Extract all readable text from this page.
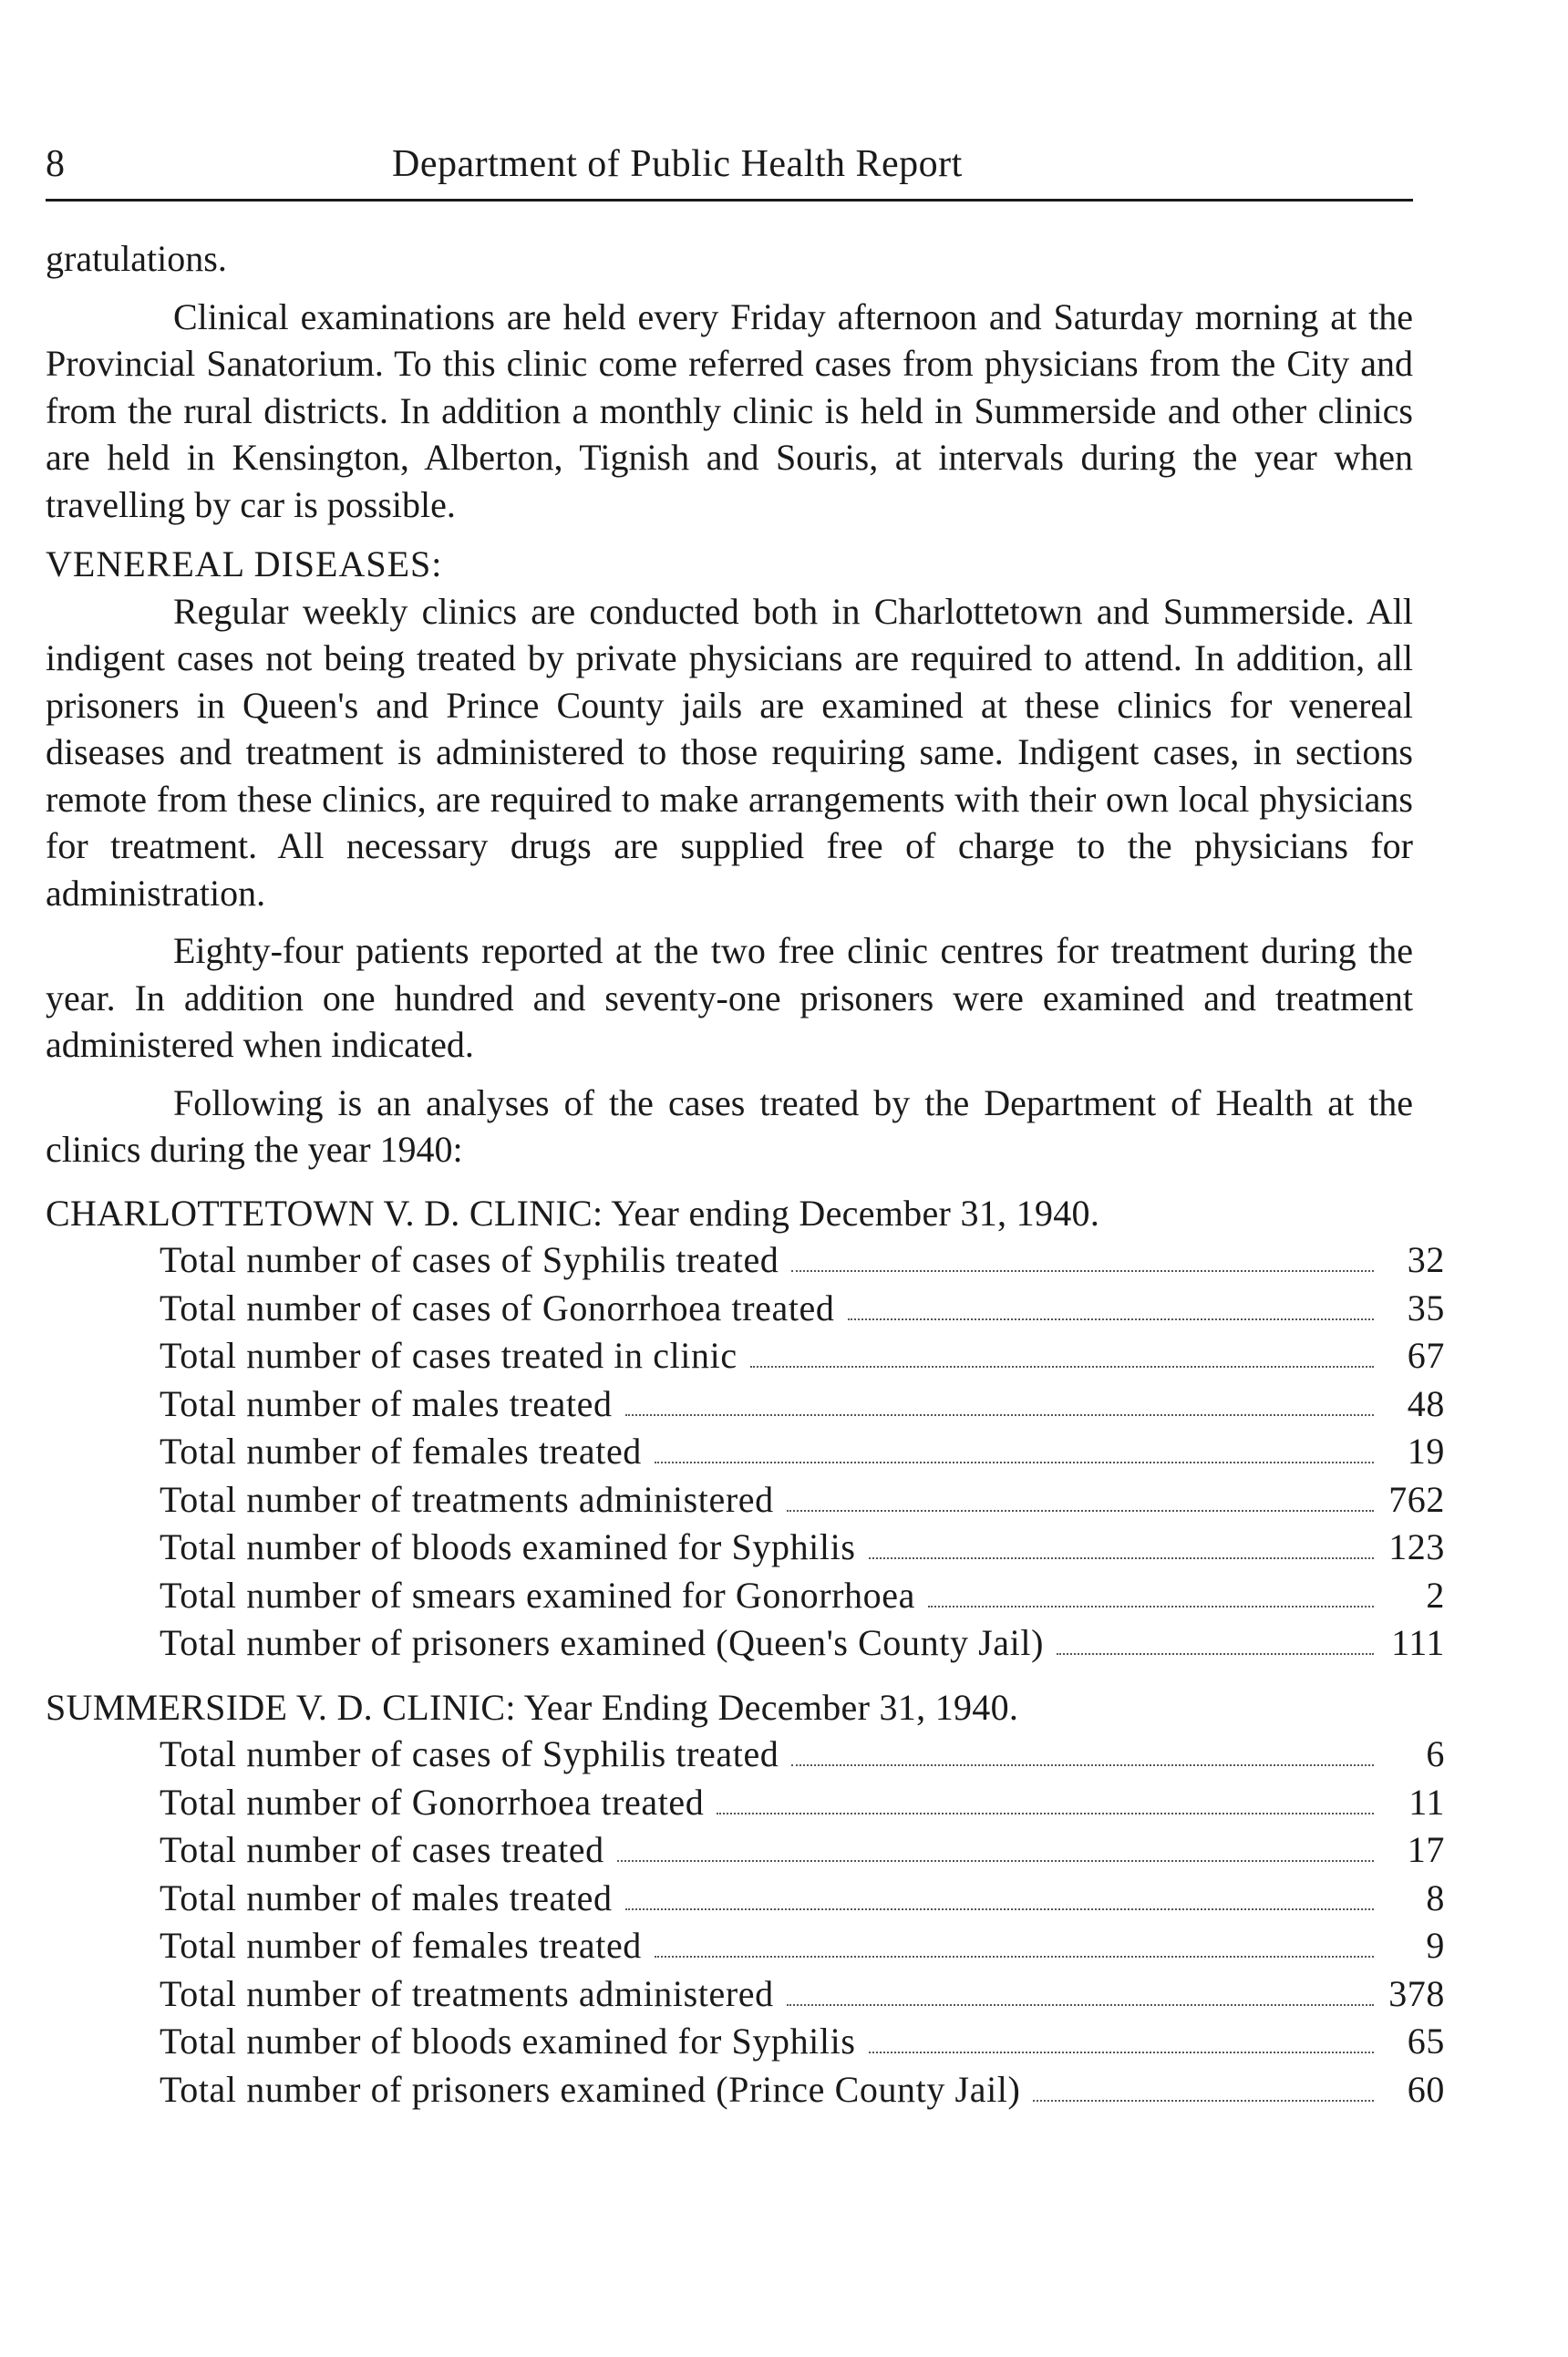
8	Department of Public Health Report

gratulations.

Clinical examinations are held every Friday afternoon and Saturday morning at the Provincial Sanatorium. To this clinic come referred cases from physicians from the City and from the rural districts. In addition a monthly clinic is held in Summerside and other clinics are held in Kensington, Alberton, Tignish and Souris, at intervals during the year when travelling by car is possible.

VENEREAL DISEASES:

Regular weekly clinics are conducted both in Charlottetown and Summerside. All indigent cases not being treated by private physicians are required to attend. In addition, all prisoners in Queen's and Prince County jails are examined at these clinics for venereal diseases and treatment is administered to those requiring same. Indigent cases, in sections remote from these clinics, are required to make arrangements with their own local physicians for treatment. All necessary drugs are supplied free of charge to the physicians for administration.

Eighty-four patients reported at the two free clinic centres for treatment during the year. In addition one hundred and seventy-one prisoners were examined and treatment administered when indicated.

Following is an analyses of the cases treated by the Department of Health at the clinics during the year 1940:

CHARLOTTETOWN V. D. CLINIC: Year ending December 31, 1940.
Total number of cases of Syphilis treated	32
Total number of cases of Gonorrhoea treated	35
Total number of cases treated in clinic	67
Total number of males treated	48
Total number of females treated	19
Total number of treatments administered	762
Total number of bloods examined for Syphilis	123
Total number of smears examined for Gonorrhoea	2
Total number of prisoners examined (Queen's County Jail)	111
SUMMERSIDE V. D. CLINIC: Year Ending December 31, 1940.
Total number of cases of Syphilis treated	6
Total number of Gonorrhoea treated	11
Total number of cases treated	17
Total number of males treated	8
Total number of females treated	9
Total number of treatments administered	378
Total number of bloods examined for Syphilis	65
Total number of prisoners examined (Prince County Jail)	60
